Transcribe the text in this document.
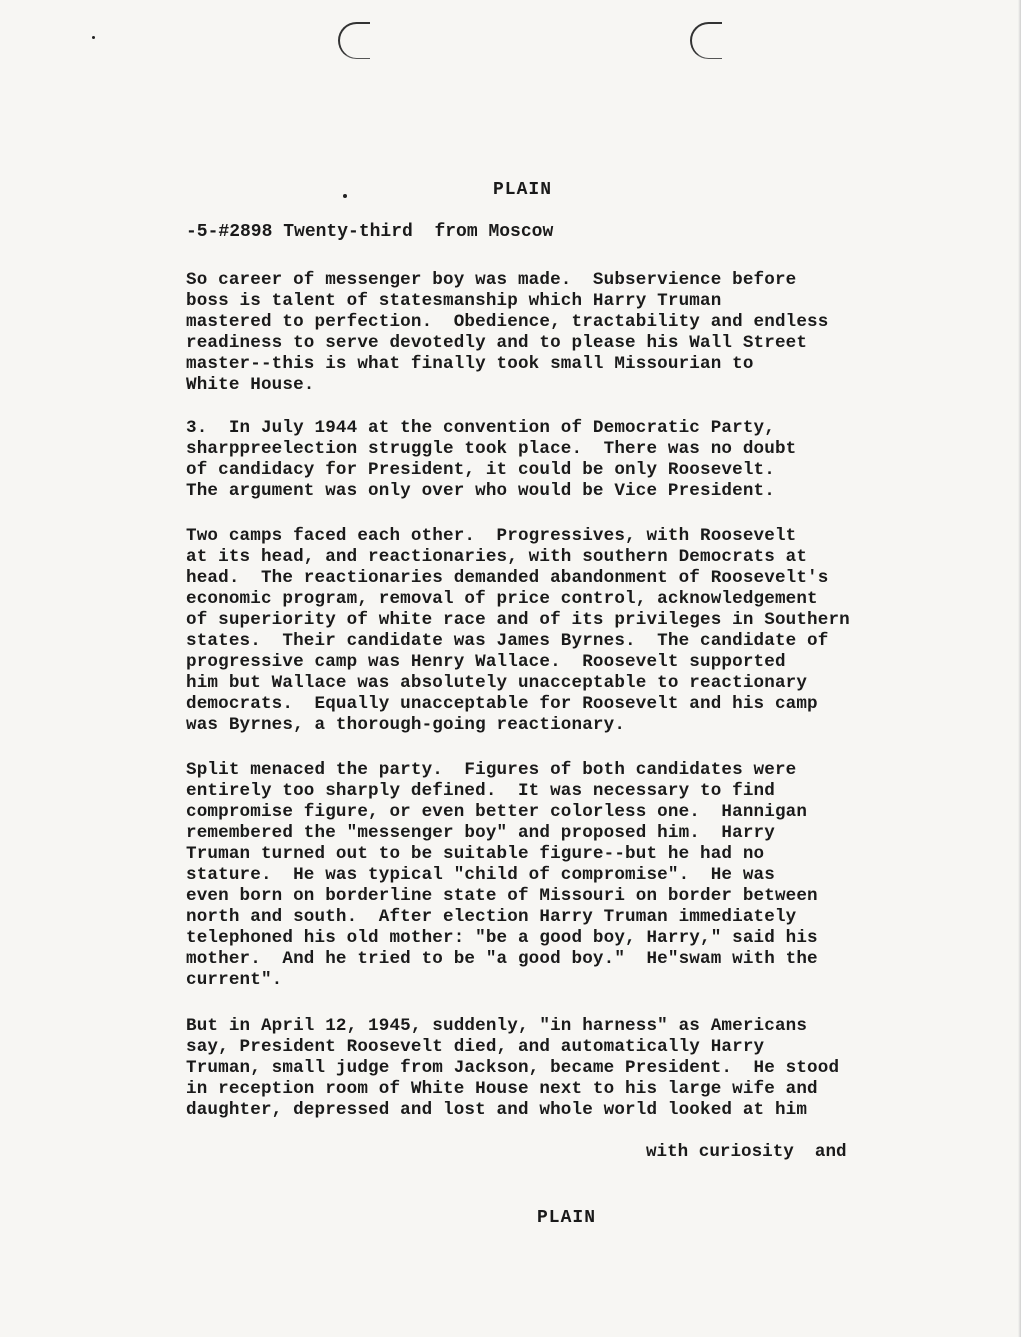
PLAIN
-5-#2898 Twenty-third  from Moscow
So career of messenger boy was made.  Subservience before
boss is talent of statesmanship which Harry Truman
mastered to perfection.  Obedience, tractability and endless
readiness to serve devotedly and to please his Wall Street
master--this is what finally took small Missourian to
White House.
3.  In July 1944 at the convention of Democratic Party,
sharppreelection struggle took place.  There was no doubt
of candidacy for President, it could be only Roosevelt.
The argument was only over who would be Vice President.
Two camps faced each other.  Progressives, with Roosevelt
at its head, and reactionaries, with southern Democrats at
head.  The reactionaries demanded abandonment of Roosevelt's
economic program, removal of price control, acknowledgement
of superiority of white race and of its privileges in Southern
states.  Their candidate was James Byrnes.  The candidate of
progressive camp was Henry Wallace.  Roosevelt supported
him but Wallace was absolutely unacceptable to reactionary
democrats.  Equally unacceptable for Roosevelt and his camp
was Byrnes, a thorough-going reactionary.
Split menaced the party.  Figures of both candidates were
entirely too sharply defined.  It was necessary to find
compromise figure, or even better colorless one.  Hannigan
remembered the "messenger boy" and proposed him.  Harry
Truman turned out to be suitable figure--but he had no
stature.  He was typical "child of compromise".  He was
even born on borderline state of Missouri on border between
north and south.  After election Harry Truman immediately
telephoned his old mother: "be a good boy, Harry," said his
mother.  And he tried to be "a good boy."  He"swam with the
current".
But in April 12, 1945, suddenly, "in harness" as Americans
say, President Roosevelt died, and automatically Harry
Truman, small judge from Jackson, became President.  He stood
in reception room of White House next to his large wife and
daughter, depressed and lost and whole world looked at him
with curiosity  and
PLAIN
